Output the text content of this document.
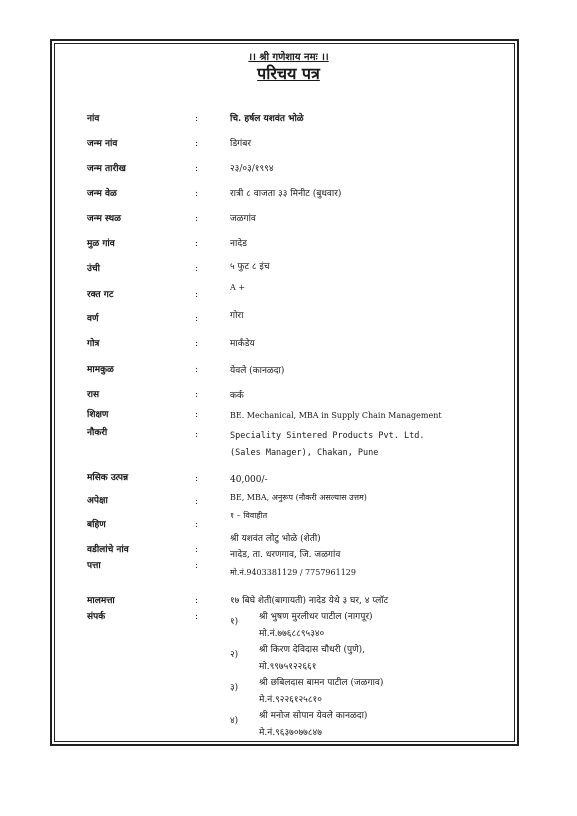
।। श्री गणेशाय नमः ।।
परिचय पत्र
नांव	:	चि. हर्षल यशवंत भोळे
जन्म नांव	:	डिगंबर
जन्म तारीख	:	२३/०३/१९९४
जन्म वेळ	:	रात्री ८ वाजता ३३ मिनीट (बुधवार)
जन्म स्थळ	:	जळगांव
मुळ गांव	:	नादेड
उंची	:	५ फुट ८ इंच
रक्त गट	:
A +
वर्ण	:	गोरा
गोत्र	:	मार्कंडेय
मामकुळ	:	येवले (कानळदा)
रास	:	कर्क
शिक्षण	:	BE. Mechanical, MBA in Supply Chain Management
नौकरी	:	Speciality Sintered Products Pvt. Ltd.
(Sales Manager), Chakan, Pune
मसिक उत्पन्न	:	40,000/-
अपेक्षा	:	BE, MBA, अनुरूप (नौकरी असल्यास उत्तम)
बहिण	:
१ – विवाहीत
वडीलांचे नांव	:
श्री यशवंत लोटु भोळे (शेती)
पत्ता	:
नादेड, ता. धरणगाव, जि. जळगांव
मो.नं.9403381129 / 7757961129
मालमत्ता	:	१७ बिघे शेती(बागायती) नादेड येथे ३ घर, ४ प्लॉट
संपर्क	:	१) श्री भुषण मुरलीधर पाटील (नागपूर)
मो.नं.७७६८८९५३४०
२) श्री किरण देविदास चौधरी (पुणे),
मो.९९७५१२२६६१
३) श्री छबिलदास बामन पाटील (जळगाव)
मे.नं.९२२६१२५८१०
४) श्री मनोज सोपान येवले कानळदा)
मे.नं.९६३७०७७८४७
